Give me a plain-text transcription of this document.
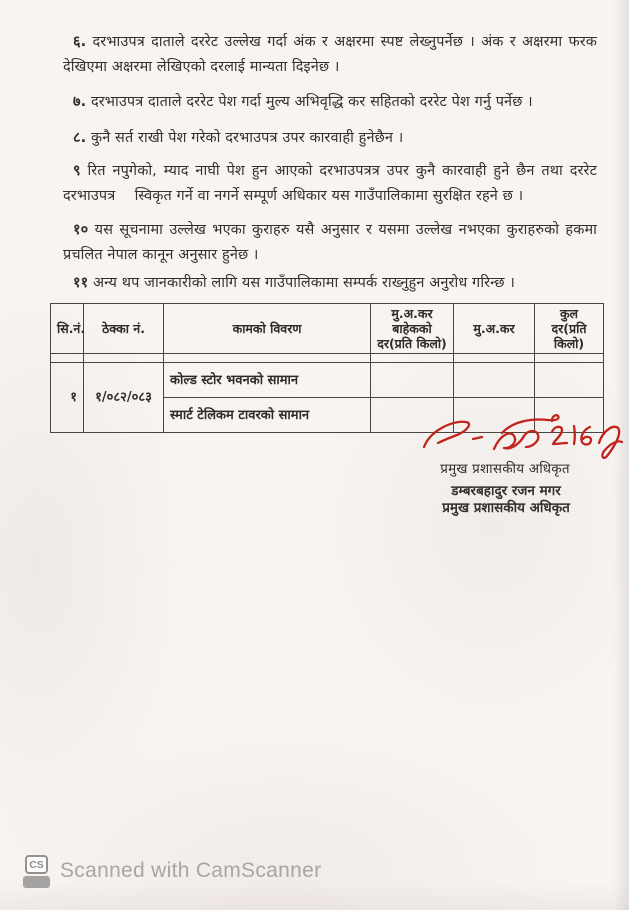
६. दरभाउपत्र दाताले दररेट उल्लेख गर्दा अंक र अक्षरमा स्पष्ट लेख्नुपर्नेछ । अंक र अक्षरमा फरक देखिएमा अक्षरमा लेखिएको दरलाई मान्यता दिइनेछ ।

७. दरभाउपत्र दाताले दररेट पेश गर्दा मुल्य अभिवृद्धि कर सहितको दररेट पेश गर्नु पर्नेछ ।

८. कुनै सर्त राखी पेश गरेको दरभाउपत्र उपर कारवाही हुनेछैन ।

९ रित नपुगेको, म्याद नाघी पेश हुन आएको दरभाउपत्रत्र उपर कुनै कारवाही हुने छैन तथा दररेट दरभाउपत्र  स्विकृत गर्ने वा नगर्ने सम्पूर्ण अधिकार यस गाउँपालिकामा सुरक्षित रहने छ ।

१० यस सूचनामा उल्लेख भएका कुराहरु यसै अनुसार र यसमा उल्लेख नभएका कुराहरुको हकमा प्रचलित नेपाल कानून अनुसार हुनेछ ।

११ अन्य थप जानकारीको लागि यस गाउँपालिकामा सम्पर्क राख्नुहुन अनुरोध गरिन्छ ।

सि.नं.	ठेक्का नं.	कामको विवरण	मु.अ.कर बाहेकको दर(प्रति किलो)	मु.अ.कर	कुल दर(प्रति किलो)

१	१/०८२/०८३	कोल्ड स्टोर भवनको सामान			
		स्मार्ट टेलिकम टावरको सामान			
प्रमुख प्रशासकीय अधिकृत
डम्बरबहादुर रजन मगर
प्रमुख प्रशासकीय अधिकृत
CS Scanned with CamScanner
